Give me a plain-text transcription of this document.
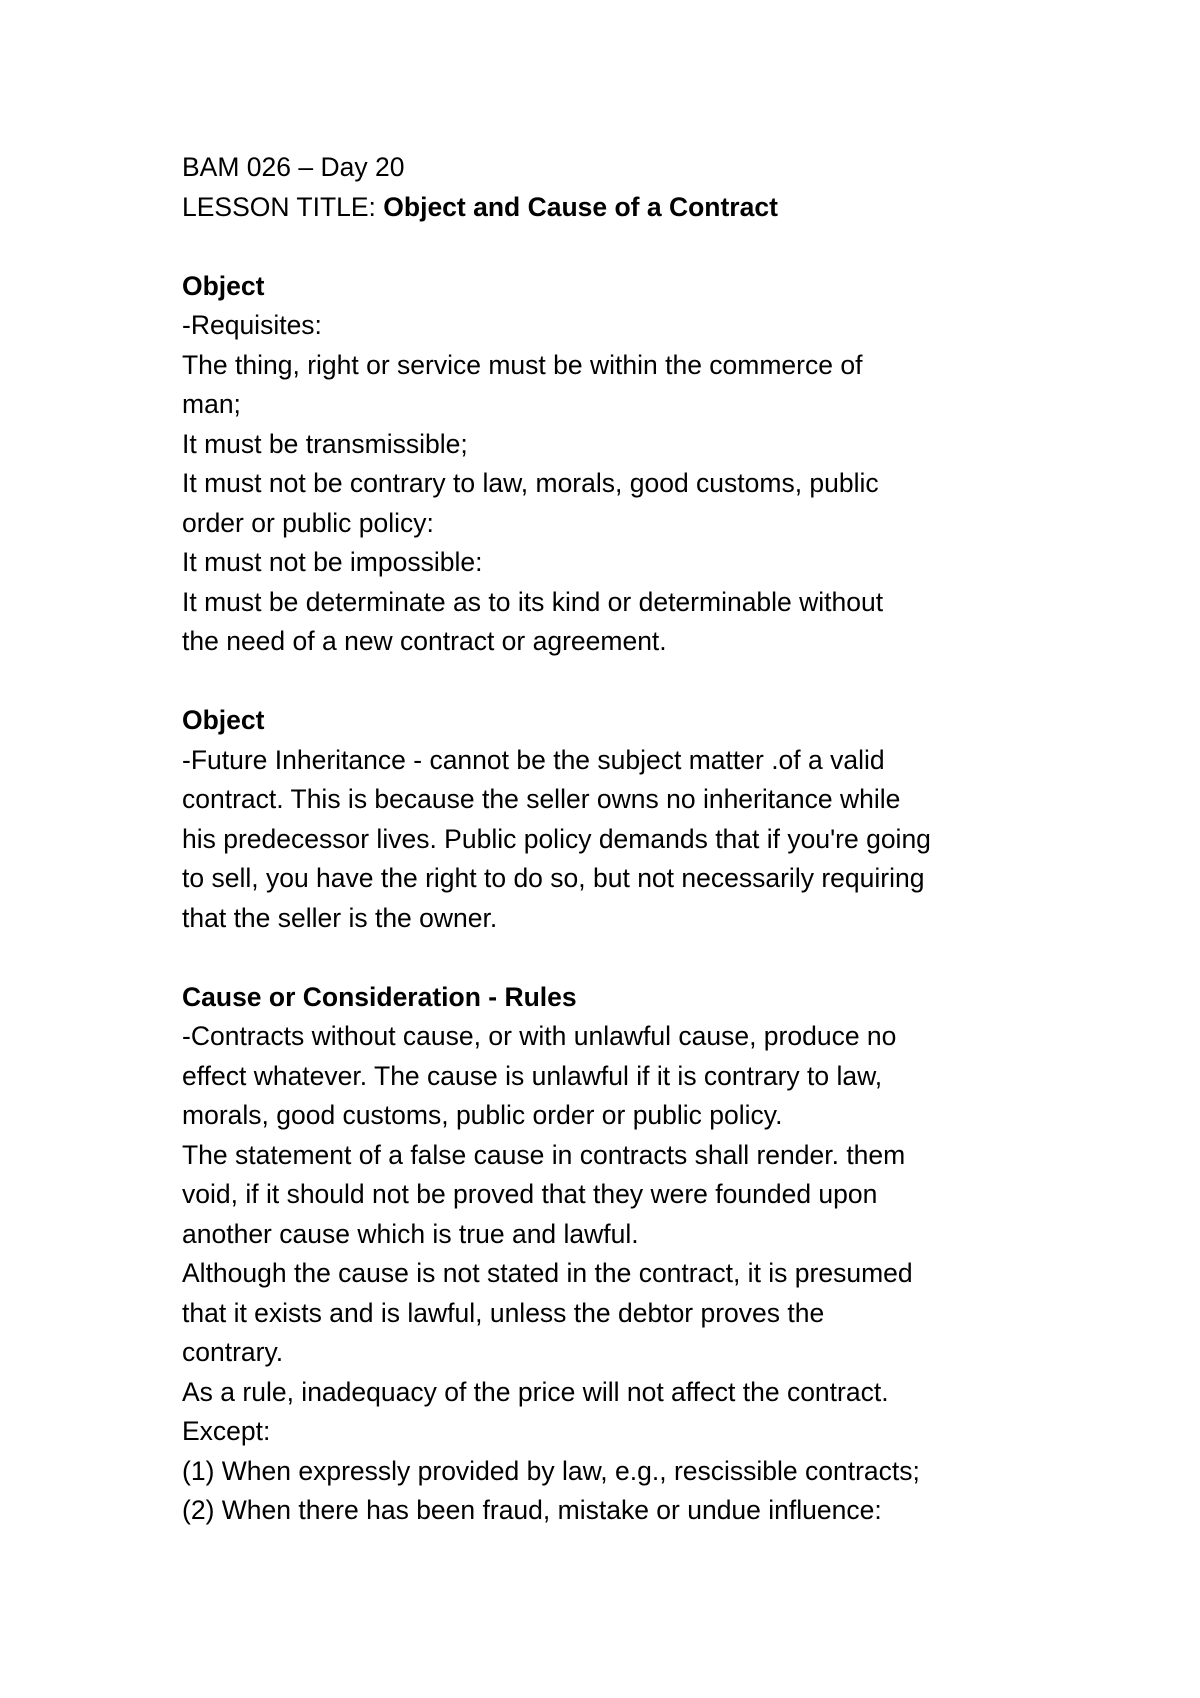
BAM 026 – Day 20

LESSON TITLE: Object and Cause of a Contract

Object

-Requisites:

The thing, right or service must be within the commerce of

man;

It must be transmissible;

It must not be contrary to law, morals, good customs, public

order or public policy:

It must not be impossible:

It must be determinate as to its kind or determinable without

the need of a new contract or agreement.

Object

-Future Inheritance - cannot be the subject matter .of a valid

contract. This is because the seller owns no inheritance while

his predecessor lives. Public policy demands that if you're going

to sell, you have the right to do so, but not necessarily requiring

that the seller is the owner.

Cause or Consideration - Rules

-Contracts without cause, or with unlawful cause, produce no

effect whatever. The cause is unlawful if it is contrary to law,

morals, good customs, public order or public policy.

The statement of a false cause in contracts shall render. them

void, if it should not be proved that they were founded upon

another cause which is true and lawful.

Although the cause is not stated in the contract, it is presumed

that it exists and is lawful, unless the debtor proves the

contrary.

As a rule, inadequacy of the price will not affect the contract.

Except:

(1) When expressly provided by law, e.g., rescissible contracts;

(2) When there has been fraud, mistake or undue influence:
